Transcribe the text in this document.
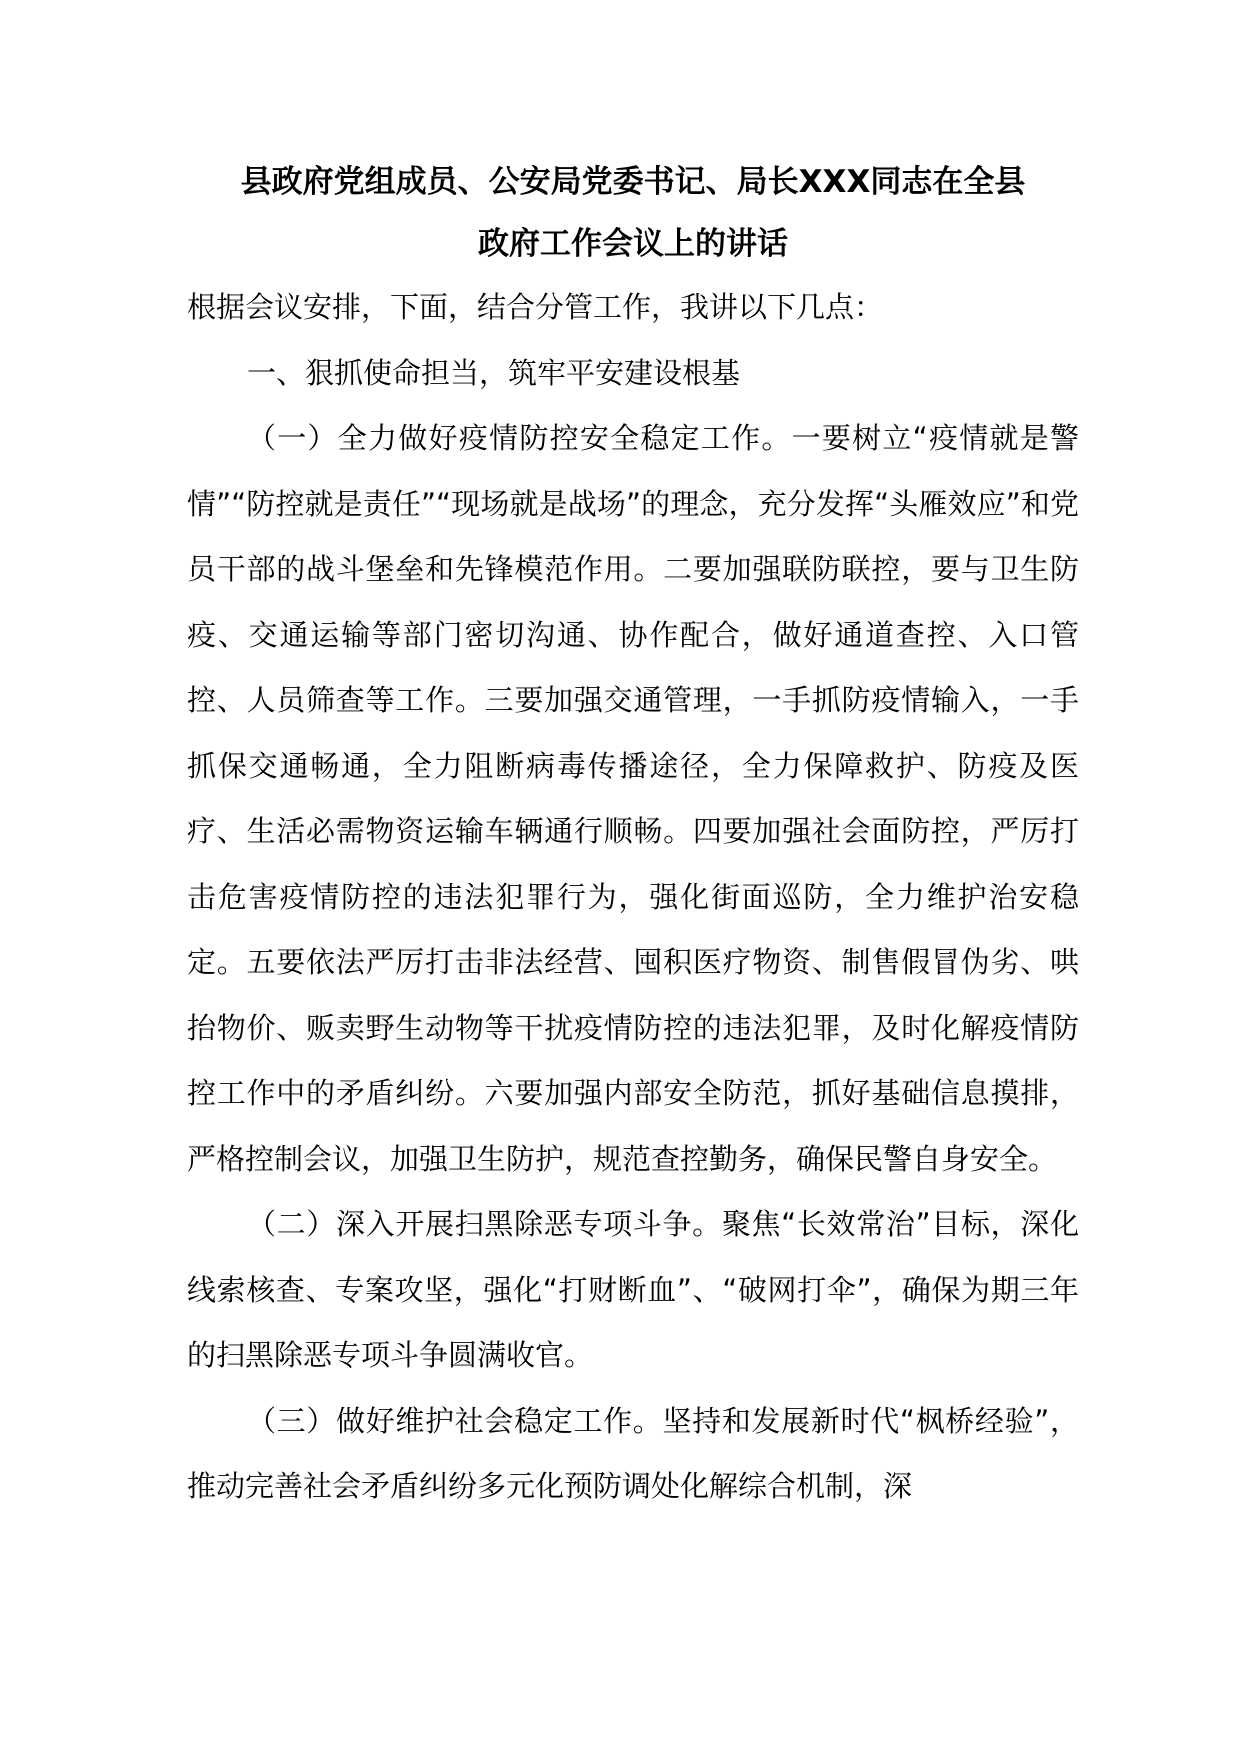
县政府党组成员、公安局党委书记、局长XXX同志在全县
政府工作会议上的讲话

根据会议安排，下面，结合分管工作，我讲以下几点：

一、狠抓使命担当，筑牢平安建设根基

（一）全力做好疫情防控安全稳定工作。一要树立“疫情就是警情”“防控就是责任”“现场就是战场”的理念，充分发挥“头雁效应”和党员干部的战斗堡垒和先锋模范作用。二要加强联防联控，要与卫生防疫、交通运输等部门密切沟通、协作配合，做好通道查控、入口管控、人员筛查等工作。三要加强交通管理，一手抓防疫情输入，一手抓保交通畅通，全力阻断病毒传播途径，全力保障救护、防疫及医疗、生活必需物资运输车辆通行顺畅。四要加强社会面防控，严厉打击危害疫情防控的违法犯罪行为，强化街面巡防，全力维护治安稳定。五要依法严厉打击非法经营、囤积医疗物资、制售假冒伪劣、哄抬物价、贩卖野生动物等干扰疫情防控的违法犯罪，及时化解疫情防控工作中的矛盾纠纷。六要加强内部安全防范，抓好基础信息摸排，严格控制会议，加强卫生防护，规范查控勤务，确保民警自身安全。

（二）深入开展扫黑除恶专项斗争。聚焦“长效常治”目标，深化线索核查、专案攻坚，强化“打财断血”、“破网打伞”，确保为期三年的扫黑除恶专项斗争圆满收官。

（三）做好维护社会稳定工作。坚持和发展新时代“枫桥经验”，推动完善社会矛盾纠纷多元化预防调处化解综合机制，深
